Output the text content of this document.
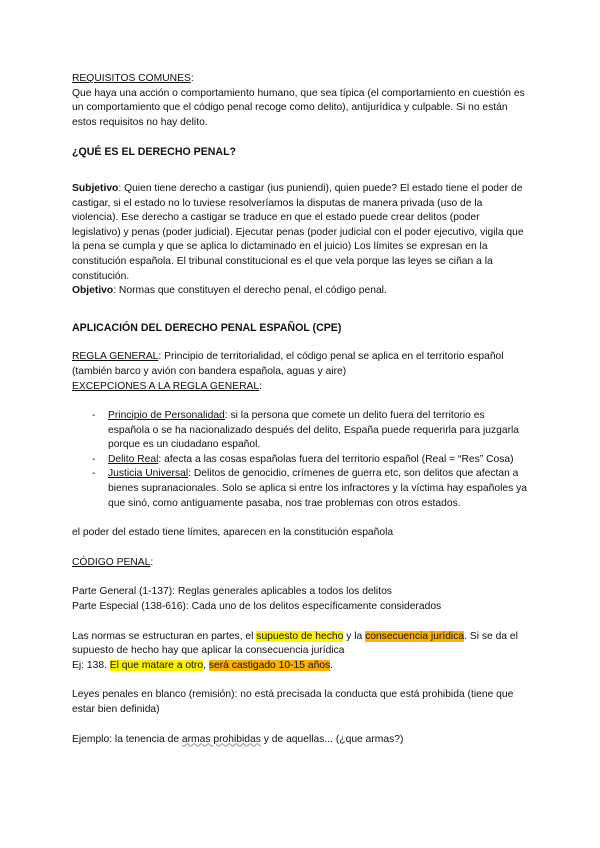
REQUISITOS COMUNES:

Que haya una acción o comportamiento humano, que sea típica (el comportamiento en cuestión es un comportamiento que el código penal recoge como delito), antijurídica y culpable. Si no están estos requisitos no hay delito.

¿QUÉ ES EL DERECHO PENAL?

Subjetivo: Quien tiene derecho a castigar (ius puniendi), quien puede? El estado tiene el poder de castigar, si el estado no lo tuviese resolveríamos la disputas de manera privada (uso de la violencia). Ese derecho a castigar se traduce en que el estado puede crear delitos (poder legislativo) y penas (poder judicial). Ejecutar penas (poder judicial con el poder ejecutivo, vigila que la pena se cumpla y que se aplica lo dictaminado en el juicio) Los límites se expresan en la constitución española. El tribunal constitucional es el que vela porque las leyes se ciñan a la constitución.

Objetivo: Normas que constituyen el derecho penal, el código penal.

APLICACIÓN DEL DERECHO PENAL ESPAÑOL (CPE)

REGLA GENERAL: Principio de territorialidad, el código penal se aplica en el territorio español (también barco y avión con bandera española, aguas y aire)

EXCEPCIONES A LA REGLA GENERAL:

- Principio de Personalidad: si la persona que comete un delito fuera del territorio es española o se ha nacionalizado después del delito, España puede requerirla para juzgarla porque es un ciudadano español.
- Delito Real: afecta a las cosas españolas fuera del territorio español (Real = “Res” Cosa)
- Justicia Universal: Delitos de genocidio, crímenes de guerra etc, son delitos que afectan a bienes supranacionales. Solo se aplica si entre los infractores y la víctima hay españoles ya que sinó, como antiguamente pasaba, nos trae problemas con otros estados.

el poder del estado tiene límites, aparecen en la constitución española

CÓDIGO PENAL:

Parte General (1-137): Reglas generales aplicables a todos los delitos

Parte Especial (138-616): Cada uno de los delitos específicamente considerados

Las normas se estructuran en partes, el supuesto de hecho y la consecuencia jurídica. Si se da el supuesto de hecho hay que aplicar la consecuencia jurídica

Ej: 138. El que matare a otro, será castigado 10-15 años.

Leyes penales en blanco (remisión): no está precisada la conducta que está prohibida (tiene que estar bien definida)

Ejemplo: la tenencia de armas prohibidas y de aquellas... (¿que armas?)
